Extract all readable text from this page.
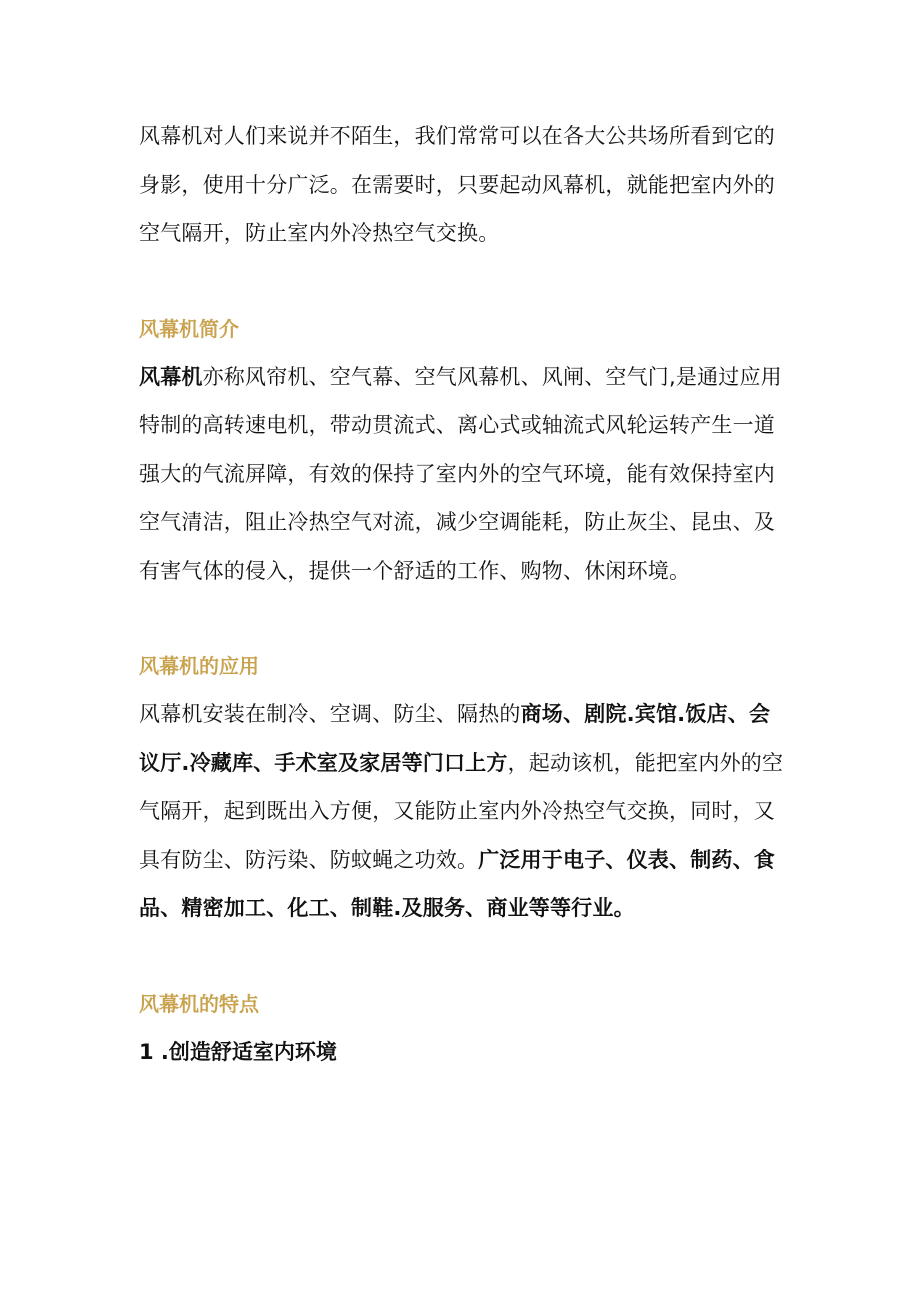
风幕机对人们来说并不陌生，我们常常可以在各大公共场所看到它的身影，使用十分广泛。在需要时，只要起动风幕机，就能把室内外的空气隔开，防止室内外冷热空气交换。

风幕机简介

风幕机亦称风帘机、空气幕、空气风幕机、风闸、空气门,是通过应用特制的高转速电机，带动贯流式、离心式或轴流式风轮运转产生一道强大的气流屏障，有效的保持了室内外的空气环境，能有效保持室内空气清洁，阻止冷热空气对流，减少空调能耗，防止灰尘、昆虫、及有害气体的侵入，提供一个舒适的工作、购物、休闲环境。

风幕机的应用

风幕机安装在制冷、空调、防尘、隔热的商场、剧院.宾馆.饭店、会议厅.冷藏库、手术室及家居等门口上方，起动该机，能把室内外的空气隔开，起到既出入方便，又能防止室内外冷热空气交换，同时，又具有防尘、防污染、防蚊蝇之功效。广泛用于电子、仪表、制药、食品、精密加工、化工、制鞋.及服务、商业等等行业。

风幕机的特点

1 .创造舒适室内环境
